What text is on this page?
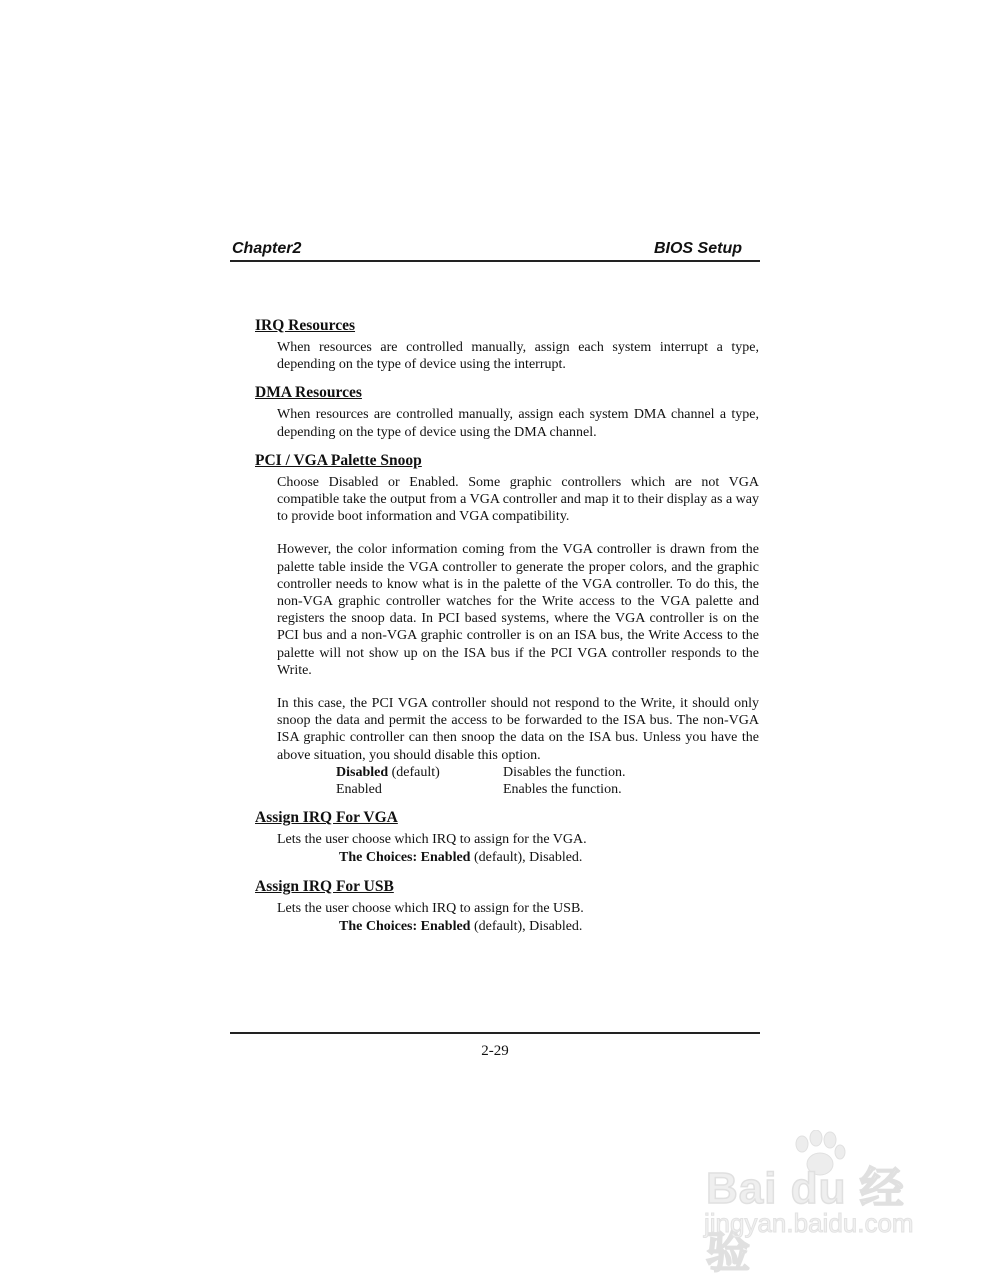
Chapter2	BIOS Setup

IRQ Resources

When resources are controlled manually, assign each system interrupt a type, depending on the type of device using the interrupt.

DMA Resources

When resources are controlled manually, assign each system DMA channel a type, depending on the type of device using the DMA channel.

PCI / VGA Palette Snoop

Choose Disabled or Enabled. Some graphic controllers which are not VGA compatible take the output from a VGA controller and map it to their display as a way to provide boot information and VGA compatibility.

However, the color information coming from the VGA controller is drawn from the palette table inside the VGA controller to generate the proper colors, and the graphic controller needs to know what is in the palette of the VGA controller. To do this, the non-VGA graphic controller watches for the Write access to the VGA palette and registers the snoop data. In PCI based systems, where the VGA controller is on the PCI bus and a non-VGA graphic controller is on an ISA bus, the Write Access to the palette will not show up on the ISA bus if the PCI VGA controller responds to the Write.

In this case, the PCI VGA controller should not respond to the Write, it should only snoop the data and permit the access to be forwarded to the ISA bus. The non-VGA ISA graphic controller can then snoop the data on the ISA bus. Unless you have the above situation, you should disable this option.

Disabled (default)	Disables the function.
Enabled	Enables the function.

Assign IRQ For VGA

Lets the user choose which IRQ to assign for the VGA.

The Choices: Enabled (default), Disabled.

Assign IRQ For USB

Lets the user choose which IRQ to assign for the USB.

The Choices: Enabled (default), Disabled.

2-29
Bai du 经验
jingyan.baidu.com
